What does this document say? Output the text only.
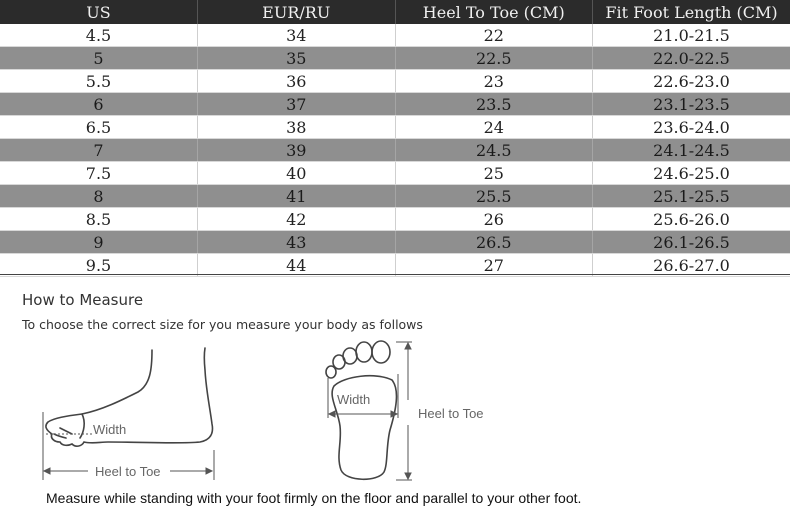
US	EUR/RU	Heel To Toe (CM)	Fit Foot Length (CM)
4.5	34	22	21.0-21.5
5	35	22.5	22.0-22.5
5.5	36	23	22.6-23.0
6	37	23.5	23.1-23.5
6.5	38	24	23.6-24.0
7	39	24.5	24.1-24.5
7.5	40	25	24.6-25.0
8	41	25.5	25.1-25.5
8.5	42	26	25.6-26.0
9	43	26.5	26.1-26.5
9.5	44	27	26.6-27.0
How to Measure
To choose the correct size for you measure your body as follows
Width
Heel to Toe
Width
Heel to Toe
Measure while standing with your foot firmly on the floor and parallel to your other foot.
